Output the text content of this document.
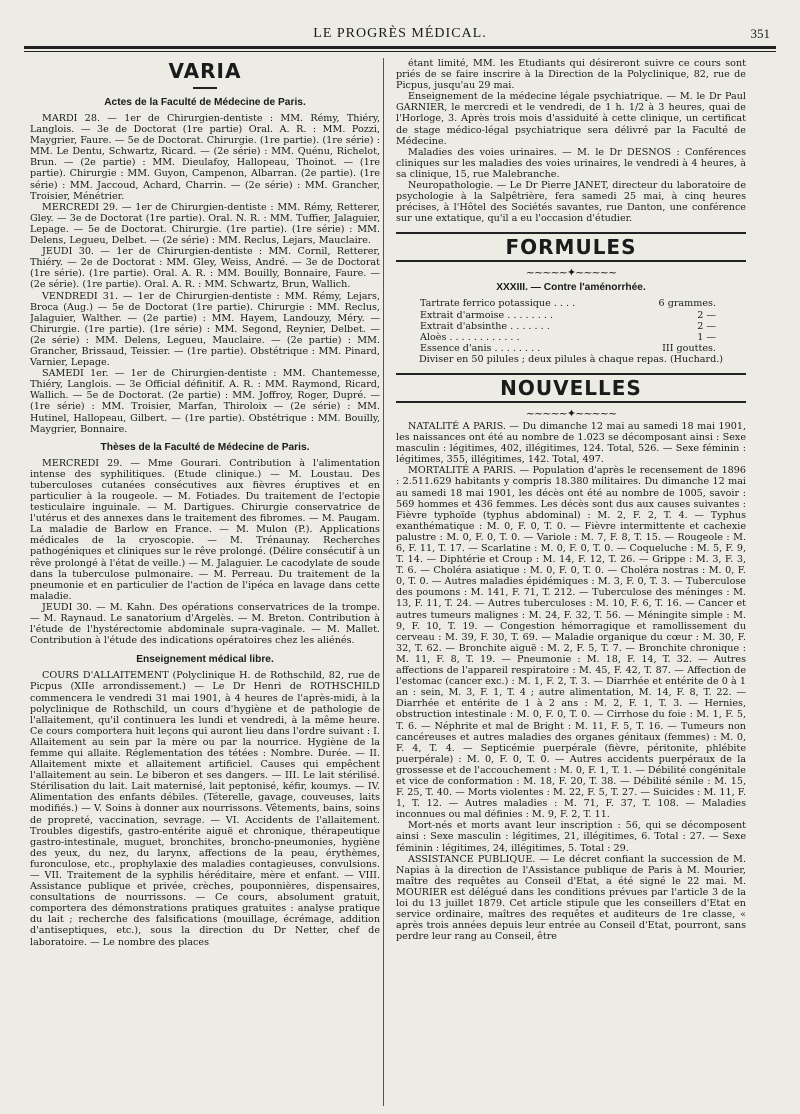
LE PROGRÈS MÉDICAL.	351
VARIA
Actes de la Faculté de Médecine de Paris.

MARDI 28. — 1er de Chirurgien-dentiste : MM. Rémy, Thiéry, Langlois. — 3e de Doctorat (1re partie) Oral. A. R. : MM. Pozzi, Maygrier, Faure. — 5e de Doctorat. Chirurgie. (1re partie). (1re série) : MM. Le Dentu, Schwartz, Ricard. — (2e série) : MM. Quénu, Richelot, Brun. — (2e partie) : MM. Dieulafoy, Hallopeau, Thoinot. — (1re partie). Chirurgie : MM. Guyon, Campenon, Albarran. (2e partie). (1re série) : MM. Jaccoud, Achard, Charrin. — (2e série) : MM. Grancher, Troisier, Ménétrier.

MERCREDI 29. — 1er de Chirurgien-dentiste : MM. Rémy, Retterer, Gley. — 3e de Doctorat (1re partie). Oral. N. R. : MM. Tuffier, Jalaguier, Lepage. — 5e de Doctorat. Chirurgie. (1re partie). (1re série) : MM. Delens, Legueu, Delbet. — (2e série) : MM. Reclus, Lejars, Mauclaire.

JEUDI 30. — 1er de Chirurgien-dentiste : MM. Cornil, Retterer, Thiéry. — 2e de Doctorat : MM. Gley, Weiss, André. — 3e de Doctorat (1re série). (1re partie). Oral. A. R. : MM. Bouilly, Bonnaire, Faure. — (2e série). (1re partie). Oral. A. R. : MM. Schwartz, Brun, Wallich.

VENDREDI 31. — 1er de Chirurgien-dentiste : MM. Rémy, Lejars, Broca (Aug.) — 5e de Doctorat (1re partie). Chirurgie : MM. Reclus, Jalaguier, Walther. — (2e partie) : MM. Hayem, Landouzy, Méry. — Chirurgie. (1re partie). (1re série) : MM. Segond, Reynier, Delbet. — (2e série) : MM. Delens, Legueu, Mauclaire. — (2e partie) : MM. Grancher, Brissaud, Teissier. — (1re partie). Obstétrique : MM. Pinard, Varnier, Lepage.

SAMEDI 1er. — 1er de Chirurgien-dentiste : MM. Chantemesse, Thiéry, Langlois. — 3e Official définitif. A. R. : MM. Raymond, Ricard, Wallich. — 5e de Doctorat. (2e partie) : MM. Joffroy, Roger, Dupré. — (1re série) : MM. Troisier, Marfan, Thiroloix — (2e série) : MM. Hutinel, Hallopeau, Gilbert. — (1re partie). Obstétrique : MM. Bouilly, Maygrier, Bonnaire.

Thèses de la Faculté de Médecine de Paris.

MERCREDI 29. — Mme Gourari. Contribution à l'alimentation intense des syphilitiques. (Etude clinique.) — M. Loustau. Des tuberculoses cutanées consécutives aux fièvres éruptives et en particulier à la rougeole. — M. Fotiades. Du traitement de l'ectopie testiculaire inguinale. — M. Dartigues. Chirurgie conservatrice de l'utérus et des annexes dans le traitement des fibromes. — M. Paugam. La maladie de Barlow en France. — M. Mulon (P.). Applications médicales de la cryoscopie. — M. Trénaunay. Recherches pathogéniques et cliniques sur le rêve prolongé. (Délire consécutif à un rêve prolongé à l'état de veille.) — M. Jalaguier. Le cacodylate de soude dans la tuberculose pulmonaire. — M. Perreau. Du traitement de la pneumonie et en particulier de l'action de l'ipéca en lavage dans cette maladie.

JEUDI 30. — M. Kahn. Des opérations conservatrices de la trompe. — M. Raynaud. Le sanatorium d'Argelès. — M. Breton. Contribution à l'étude de l'hystérectomie abdominale supra-vaginale. — M. Mallet. Contribution à l'étude des indications opératoires chez les aliénés.

Enseignement médical libre.

COURS D'ALLAITEMENT (Polyclinique H. de Rothschild, 82, rue de Picpus (XIIe arrondissement.) — Le Dr Henri de ROTHSCHILD commencera le vendredi 31 mai 1901, à 4 heures de l'après-midi, à la polyclinique de Rothschild, un cours d'hygiène et de pathologie de l'allaitement, qu'il continuera les lundi et vendredi, à la même heure. Ce cours comportera huit leçons qui auront lieu dans l'ordre suivant : I. Allaitement au sein par la mère ou par la nourrice. Hygiène de la femme qui allaite. Réglementation des tétées : Nombre. Durée. — II. Allaitement mixte et allaitement artificiel. Causes qui empêchent l'allaitement au sein. Le biberon et ses dangers. — III. Le lait stérilisé. Stérilisation du lait. Lait maternisé, lait peptonisé, kéfir, koumys. — IV. Alimentation des enfants débiles. (Téterelle, gavage, couveuses, laits modifiés.) — V. Soins à donner aux nourrissons. Vêtements, bains, soins de propreté, vaccination, sevrage. — VI. Accidents de l'allaitement. Troubles digestifs, gastro-entérite aiguë et chronique, thérapeutique gastro-intestinale, muguet, bronchites, broncho-pneumonies, hygiène des yeux, du nez, du larynx, affections de la peau, érythèmes, furonculose, etc., prophylaxie des maladies contagieuses, convulsions. — VII. Traitement de la syphilis héréditaire, mère et enfant. — VIII. Assistance publique et privée, crèches, pouponnières, dispensaires, consultations de nourrissons. — Ce cours, absolument gratuit, comportera des démonstrations pratiques gratuites : analyse pratique du lait ; recherche des falsifications (mouillage, écrémage, addition d'antiseptiques, etc.), sous la direction du Dr Netter, chef de laboratoire. — Le nombre des places

étant limité, MM. les Etudiants qui désireront suivre ce cours sont priés de se faire inscrire à la Direction de la Polyclinique, 82, rue de Picpus, jusqu'au 29 mai.

Enseignement de la médecine légale psychiatrique. — M. le Dr Paul GARNIER, le mercredi et le vendredi, de 1 h. 1/2 à 3 heures, quai de l'Horloge, 3. Après trois mois d'assiduité à cette clinique, un certificat de stage médico-légal psychiatrique sera délivré par la Faculté de Médecine.

Maladies des voies urinaires. — M. le Dr DESNOS : Conférences cliniques sur les maladies des voies urinaires, le vendredi à 4 heures, à sa clinique, 15, rue Malebranche.

Neuropathologie. — Le Dr Pierre JANET, directeur du laboratoire de psychologie à la Salpêtrière, fera samedi 25 mai, à cinq heures précises, à l'Hôtel des Sociétés savantes, rue Danton, une conférence sur une extatique, qu'il a eu l'occasion d'étudier.

FORMULES
~~~~~✦~~~~~
XXXIII. — Contre l'aménorrhée.
Tartrate ferrico potassique . . . .	6 grammes.
Extrait d'armoise . . . . . . . .	2 —
Extrait d'absinthe . . . . . . .	2 —
Aloès . . . . . . . . . . . .	1 —
Essence d'anis . . . . . . . .	III gouttes.
Diviser en 50 pilules ; deux pilules à chaque repas. (Huchard.)
NOUVELLES
~~~~~✦~~~~~

NATALITÉ A PARIS. — Du dimanche 12 mai au samedi 18 mai 1901, les naissances ont été au nombre de 1.023 se décomposant ainsi : Sexe masculin : légitimes, 402, illégitimes, 124. Total, 526. — Sexe féminin : légitimes, 355, illégitimes, 142. Total, 497.

MORTALITÉ A PARIS. — Population d'après le recensement de 1896 : 2.511.629 habitants y compris 18.380 militaires. Du dimanche 12 mai au samedi 18 mai 1901, les décès ont été au nombre de 1005, savoir : 569 hommes et 436 femmes. Les décès sont dus aux causes suivantes : Fièvre typhoïde (typhus abdominal) : M. 2, F. 2, T. 4. — Typhus exanthématique : M. 0, F. 0, T. 0. — Fièvre intermittente et cachexie palustre : M. 0, F. 0, T. 0. — Variole : M. 7, F. 8, T. 15. — Rougeole : M. 6, F. 11, T. 17. — Scarlatine : M. 0, F. 0, T. 0. — Coqueluche : M. 5, F. 9, T. 14. — Diphtérie et Croup : M. 14, F. 12, T. 26. — Grippe : M. 3, F. 3, T. 6. — Choléra asiatique : M. 0, F. 0, T. 0. — Choléra nostras : M. 0, F. 0, T. 0. — Autres maladies épidémiques : M. 3, F. 0, T. 3. — Tuberculose des poumons : M. 141, F. 71, T. 212. — Tuberculose des méninges : M. 13, F. 11, T. 24. — Autres tuberculoses : M. 10, F. 6, T. 16. — Cancer et autres tumeurs malignes : M. 24, F. 32, T. 56. — Méningite simple : M. 9, F. 10, T. 19. — Congestion hémorragique et ramollissement du cerveau : M. 39, F. 30, T. 69. — Maladie organique du cœur : M. 30, F. 32, T. 62. — Bronchite aiguë : M. 2, F. 5, T. 7. — Bronchite chronique : M. 11, F. 8, T. 19. — Pneumonie : M. 18, F. 14, T. 32. — Autres affections de l'appareil respiratoire : M. 45, F. 42, T. 87. — Affection de l'estomac (cancer exc.) : M. 1, F. 2, T. 3. — Diarrhée et entérite de 0 à 1 an : sein, M. 3, F. 1, T. 4 ; autre alimentation, M. 14, F. 8, T. 22. — Diarrhée et entérite de 1 à 2 ans : M. 2, F. 1, T. 3. — Hernies, obstruction intestinale : M. 0, F. 0, T. 0. — Cirrhose du foie : M. 1, F. 5, T. 6. — Néphrite et mal de Bright : M. 11, F. 5, T. 16. — Tumeurs non cancéreuses et autres maladies des organes génitaux (femmes) : M. 0, F. 4, T. 4. — Septicémie puerpérale (fièvre, péritonite, phlébite puerpérale) : M. 0, F. 0, T. 0. — Autres accidents puerpéraux de la grossesse et de l'accouchement : M. 0, F. 1, T. 1. — Débilité congénitale et vice de conformation : M. 18, F. 20, T. 38. — Débilité sénile : M. 15, F. 25, T. 40. — Morts violentes : M. 22, F. 5, T. 27. — Suicides : M. 11, F. 1, T. 12. — Autres maladies : M. 71, F. 37, T. 108. — Maladies inconnues ou mal définies : M. 9, F. 2, T. 11.

Mort-nés et morts avant leur inscription : 56, qui se décomposent ainsi : Sexe masculin : légitimes, 21, illégitimes, 6. Total : 27. — Sexe féminin : légitimes, 24, illégitimes, 5. Total : 29.

ASSISTANCE PUBLIQUE. — Le décret confiant la succession de M. Napias à la direction de l'Assistance publique de Paris à M. Mourier, maître des requêtes au Conseil d'Etat, a été signé le 22 mai. M. MOURIER est délégué dans les conditions prévues par l'article 3 de la loi du 13 juillet 1879. Cet article stipule que les conseillers d'Etat en service ordinaire, maîtres des requêtes et auditeurs de 1re classe, « après trois années depuis leur entrée au Conseil d'Etat, pourront, sans perdre leur rang au Conseil, être
